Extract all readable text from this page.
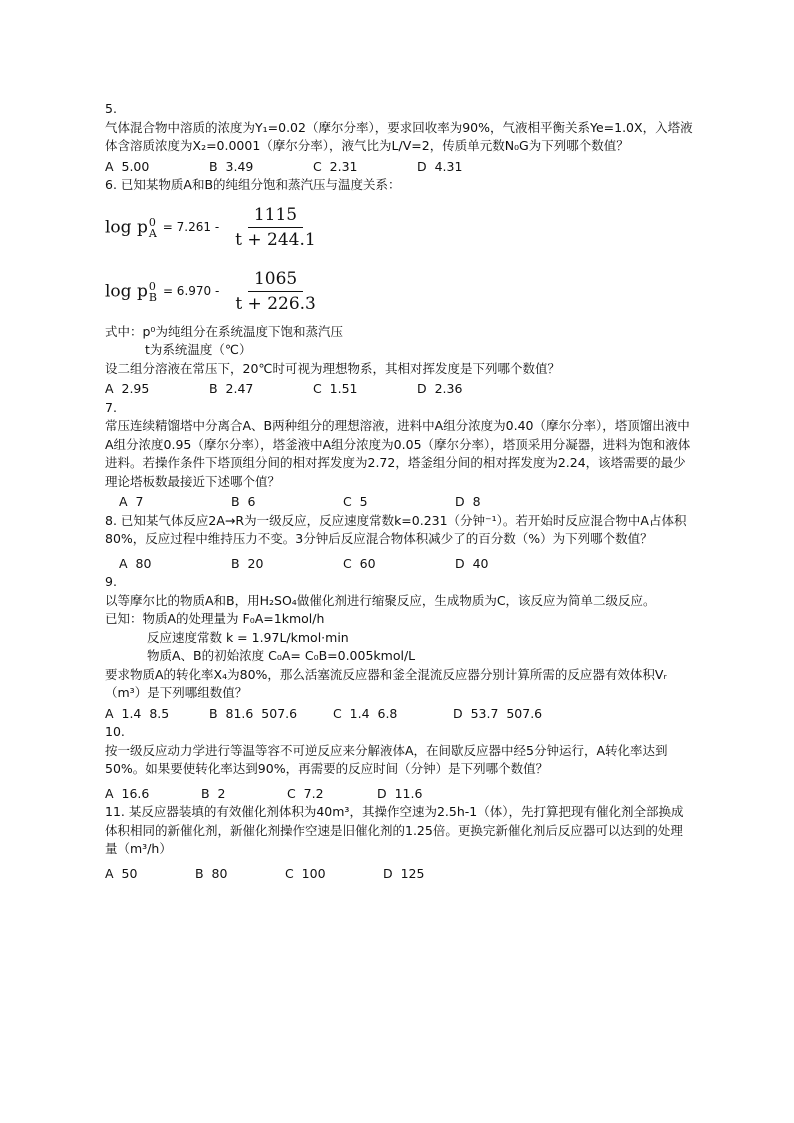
5.

气体混合物中溶质的浓度为Y₁=0.02（摩尔分率），要求回收率为90%，气液相平衡关系Ye=1.0X，入塔液体含溶质浓度为X₂=0.0001（摩尔分率），液气比为L/V=2，传质单元数N₀G为下列哪个数值？

A  5.00	B  3.49	C  2.31	D  4.31

6. 已知某物质A和B的纯组分饱和蒸汽压与温度关系：

log p 0
$A = 7.261 - \frac{1115}{t + 244.1}$
log p 0
$B = 6.970 - \frac{1065}{t + 226.3}$

式中：p⁰为纯组分在系统温度下饱和蒸汽压

t为系统温度（℃）

设二组分溶液在常压下，20℃时可视为理想物系，其相对挥发度是下列哪个数值？

A  2.95	B  2.47	C  1.51	D  2.36

7.

常压连续精馏塔中分离合A、B两种组分的理想溶液，进料中A组分浓度为0.40（摩尔分率），塔顶馏出液中A组分浓度0.95（摩尔分率），塔釜液中A组分浓度为0.05（摩尔分率），塔顶采用分凝器，进料为饱和液体进料。若操作条件下塔顶组分间的相对挥发度为2.72，塔釜组分间的相对挥发度为2.24，该塔需要的最少理论塔板数最接近下述哪个值？

A  7	B  6	C  5	D  8

8. 已知某气体反应2A→R为一级反应，反应速度常数k=0.231（分钟⁻¹）。若开始时反应混合物中A占体积80%，反应过程中维持压力不变。3分钟后反应混合物体积减少了的百分数（%）为下列哪个数值？

A  80	B  20	C  60	D  40

9.

以等摩尔比的物质A和B，用H₂SO₄做催化剂进行缩聚反应，生成物质为C，该反应为简单二级反应。

已知：物质A的处理量为 F₀A=1kmol/h

反应速度常数 k = 1.97L/kmol·min

物质A、B的初始浓度 C₀A= C₀B=0.005kmol/L

要求物质A的转化率X₄为80%，那么活塞流反应器和釜全混流反应器分别计算所需的反应器有效体积Vᵣ（m³）是下列哪组数值？

A  1.4  8.5	B  81.6  507.6	C  1.4  6.8	D  53.7  507.6

10.

按一级反应动力学进行等温等容不可逆反应来分解液体A，在间歇反应器中经5分钟运行，A转化率达到50%。如果要使转化率达到90%，再需要的反应时间（分钟）是下列哪个数值？

A  16.6	B  2	C  7.2	D  11.6

11. 某反应器装填的有效催化剂体积为40m³，其操作空速为2.5h-1（体），先打算把现有催化剂全部换成体积相同的新催化剂，新催化剂操作空速是旧催化剂的1.25倍。更换完新催化剂后反应器可以达到的处理量（m³/h）

A  50	B  80	C  100	D  125
